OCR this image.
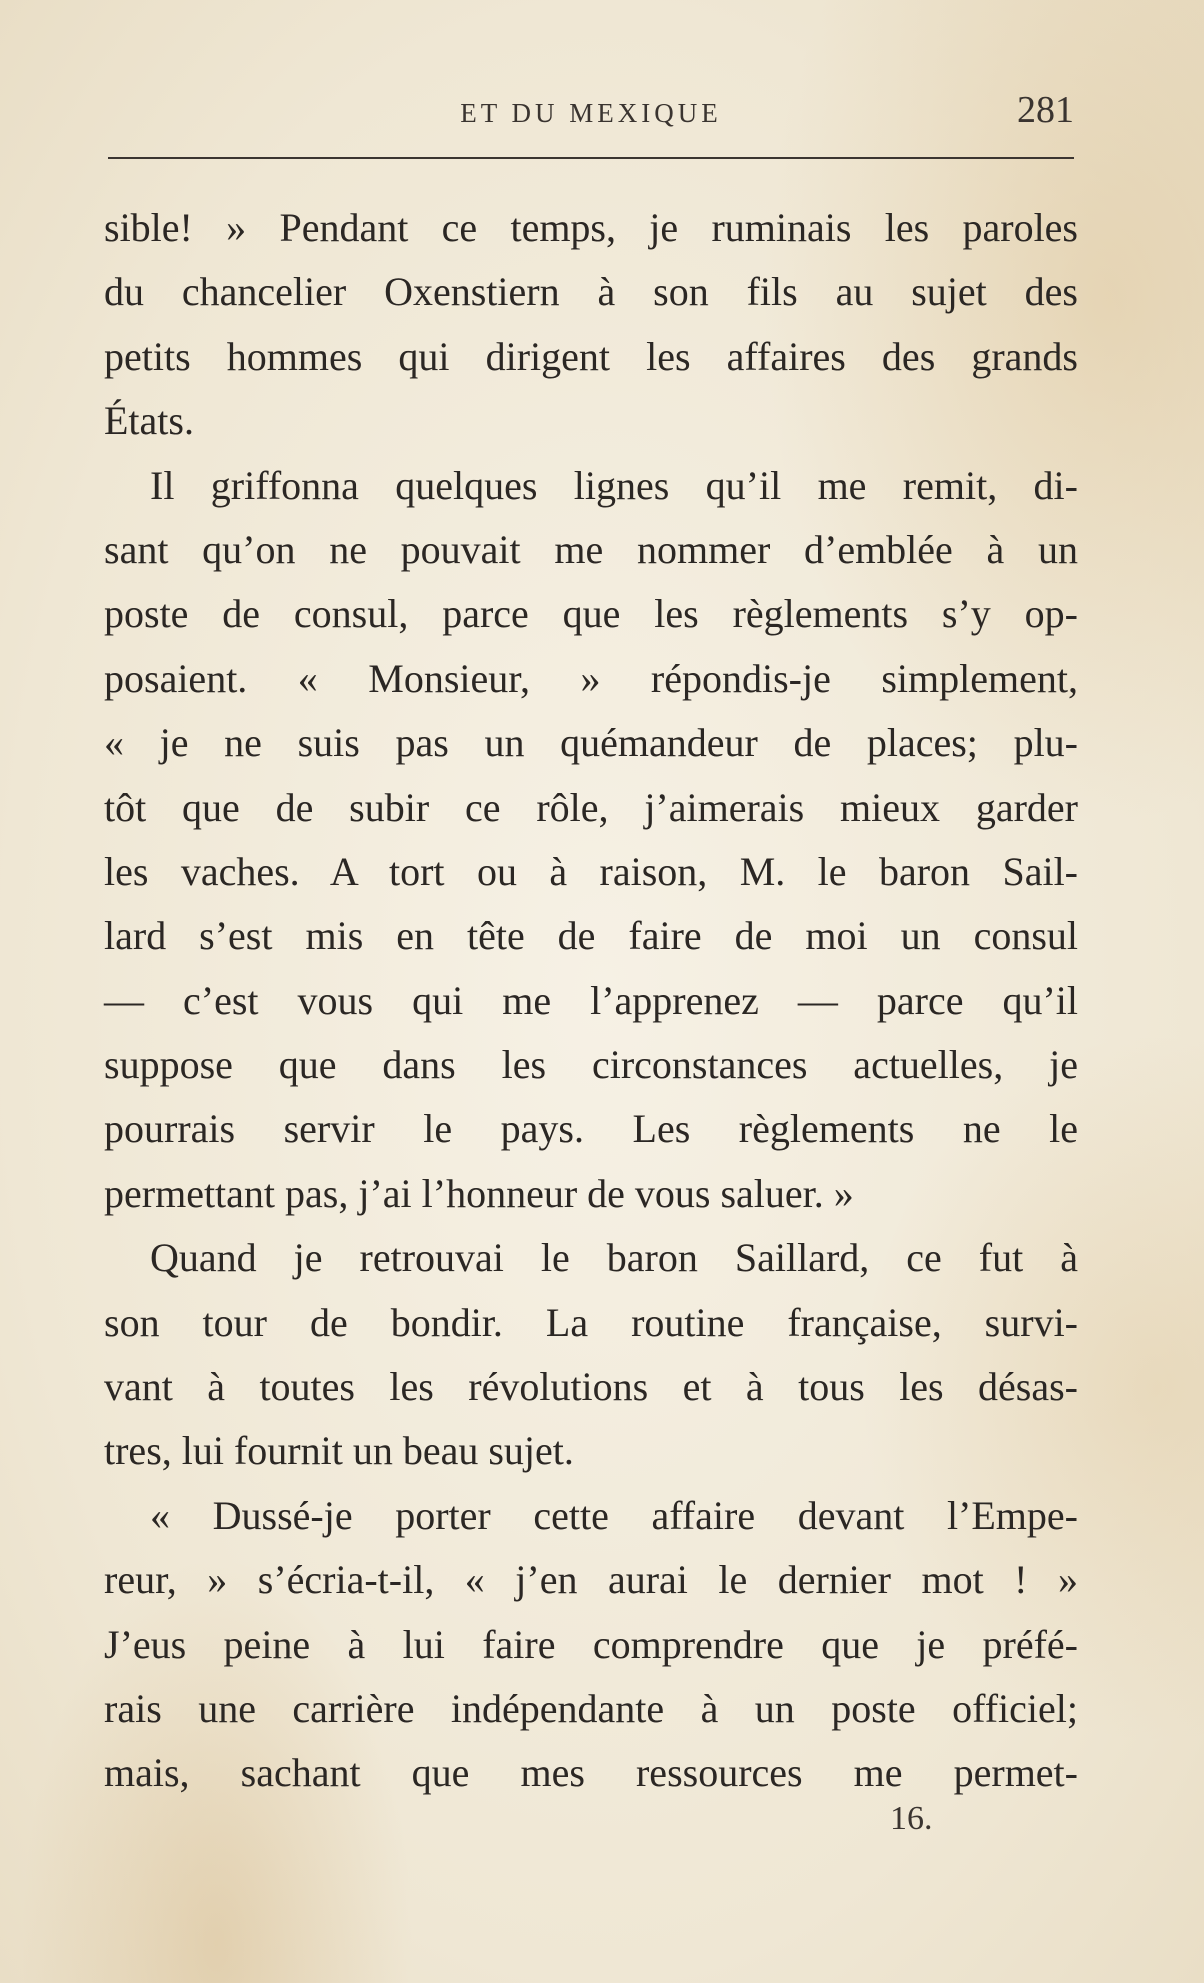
ET DU MEXIQUE	281
sible! » Pendant ce temps, je ruminais les paroles
du chancelier Oxenstiern à son fils au sujet des
petits hommes qui dirigent les affaires des grands
États.
Il griffonna quelques lignes qu’il me remit, di-
sant qu’on ne pouvait me nommer d’emblée à un
poste de consul, parce que les règlements s’y op-
posaient. « Monsieur, » répondis-je simplement,
« je ne suis pas un quémandeur de places; plu-
tôt que de subir ce rôle, j’aimerais mieux garder
les vaches. A tort ou à raison, M. le baron Sail-
lard s’est mis en tête de faire de moi un consul
— c’est vous qui me l’apprenez — parce qu’il
suppose que dans les circonstances actuelles, je
pourrais servir le pays. Les règlements ne le
permettant pas, j’ai l’honneur de vous saluer. »
Quand je retrouvai le baron Saillard, ce fut à
son tour de bondir. La routine française, survi-
vant à toutes les révolutions et à tous les désas-
tres, lui fournit un beau sujet.
« Dussé-je porter cette affaire devant l’Empe-
reur, » s’écria-t-il, « j’en aurai le dernier mot ! »
J’eus peine à lui faire comprendre que je préfé-
rais une carrière indépendante à un poste officiel;
mais, sachant que mes ressources me permet-
16.
